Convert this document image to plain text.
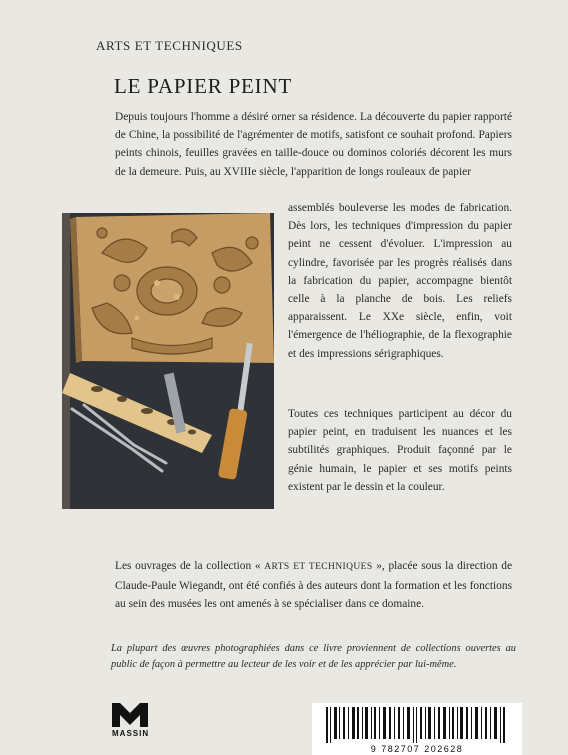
ARTS ET TECHNIQUES
LE PAPIER PEINT

Depuis toujours l'homme a désiré orner sa résidence. La découverte du papier rapporté de Chine, la possibilité de l'agrémenter de motifs, satisfont ce souhait profond. Papiers peints chinois, feuilles gravées en taille-douce ou dominos coloriés décorent les murs de la demeure. Puis, au XVIIIe siècle, l'apparition de longs rouleaux de papier

assemblés bouleverse les modes de fabrication. Dès lors, les techniques d'impression du papier peint ne cessent d'évoluer. L'impression au cylindre, favorisée par les progrès réalisés dans la fabrication du papier, accompagne bientôt celle à la planche de bois. Les reliefs apparaissent. Le XXe siècle, enfin, voit l'émergence de l'héliographie, de la flexographie et des impressions sérigraphiques.

Toutes ces techniques participent au décor du papier peint, en traduisent les nuances et les subtilités graphiques. Produit façonné par le génie humain, le papier et ses motifs peints existent par le dessin et la couleur.

Les ouvrages de la collection « ARTS ET TECHNIQUES », placée sous la direction de Claude-Paule Wiegandt, ont été confiés à des auteurs dont la formation et les fonctions au sein des musées les ont amenés à se spécialiser dans ce domaine.

La plupart des œuvres photographiées dans ce livre proviennent de collections ouvertes au public de façon à permettre au lecteur de les voir et de les apprécier par lui-même.

MASSIN
9 782707 202628
